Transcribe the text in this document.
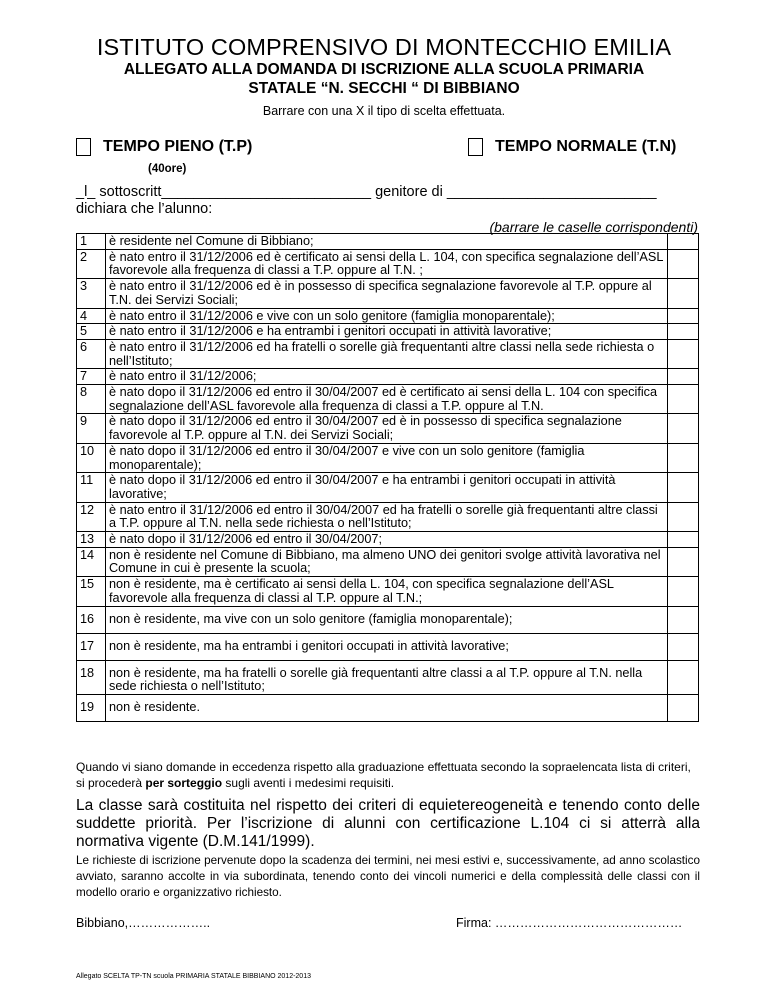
ISTITUTO COMPRENSIVO DI MONTECCHIO EMILIA
ALLEGATO ALLA DOMANDA DI ISCRIZIONE ALLA SCUOLA PRIMARIA
STATALE “N. SECCHI “ DI BIBBIANO
Barrare con una X il tipo di scelta effettuata.
TEMPO PIENO (T.P)
(40ore)
TEMPO NORMALE (T.N)
_l_ sottoscritt__________________________ genitore di __________________________
dichiara che l’alunno:
(barrare le caselle corrispondenti)
1	è residente nel Comune di Bibbiano;	
2	è nato entro il 31/12/2006 ed è certificato ai sensi della L. 104, con specifica segnalazione dell’ASL favorevole alla frequenza di classi a T.P. oppure al T.N. ;	
3	è nato entro il 31/12/2006 ed è in possesso di specifica segnalazione favorevole al T.P. oppure al T.N. dei Servizi Sociali;	
4	è nato entro il 31/12/2006 e vive con un solo genitore (famiglia monoparentale);	
5	è nato entro il 31/12/2006 e ha entrambi i genitori occupati in attività lavorative;	
6	è nato entro il 31/12/2006 ed ha fratelli o sorelle già frequentanti altre classi nella sede richiesta o nell’Istituto;	
7	è nato entro il 31/12/2006;	
8	è nato dopo il 31/12/2006 ed entro il 30/04/2007 ed è certificato ai sensi della L. 104 con specifica segnalazione dell’ASL favorevole alla frequenza di classi a T.P. oppure al T.N.	
9	è nato dopo il 31/12/2006 ed entro il 30/04/2007 ed è in possesso di specifica segnalazione favorevole al T.P. oppure al T.N. dei Servizi Sociali;	
10	è nato dopo il 31/12/2006 ed entro il 30/04/2007 e vive con un solo genitore (famiglia monoparentale);	
11	è nato dopo il 31/12/2006 ed entro il 30/04/2007 e ha entrambi i genitori occupati in attività lavorative;	
12	è nato entro il 31/12/2006 ed entro il 30/04/2007 ed ha fratelli o sorelle già frequentanti altre classi a T.P. oppure al T.N. nella sede richiesta o nell’Istituto;	
13	è nato dopo il 31/12/2006 ed entro il 30/04/2007;	
14	non è residente nel Comune di Bibbiano, ma almeno UNO dei genitori svolge attività lavorativa nel Comune in cui è presente la scuola;	
15	non è residente, ma è certificato ai sensi della L. 104, con specifica segnalazione dell’ASL favorevole alla frequenza di classi al T.P. oppure al T.N.;	
16	non è residente, ma vive con un solo genitore (famiglia monoparentale);	
17	non è residente, ma ha entrambi i genitori occupati in attività lavorative;	
18	non è residente, ma ha fratelli o sorelle già frequentanti altre classi a al T.P. oppure al T.N. nella sede richiesta o nell’Istituto;	
19	non è residente.	
Quando vi siano domande in eccedenza rispetto alla graduazione effettuata secondo la sopraelencata lista di criteri, si procederà per sorteggio sugli aventi i medesimi requisiti.
La classe sarà costituita nel rispetto dei criteri di equietereogeneità e tenendo conto delle suddette priorità. Per l’iscrizione di alunni con certificazione L.104 ci si atterrà alla normativa vigente (D.M.141/1999).
Le richieste di iscrizione pervenute dopo la scadenza dei termini, nei mesi estivi e, successivamente, ad anno scolastico avviato, saranno accolte in via subordinata, tenendo conto dei vincoli numerici e della complessità delle classi con il modello orario e organizzativo richiesto.
Bibbiano,………………..	Firma: ………………………………………
Allegato SCELTA TP-TN scuola PRIMARIA STATALE BIBBIANO 2012-2013
